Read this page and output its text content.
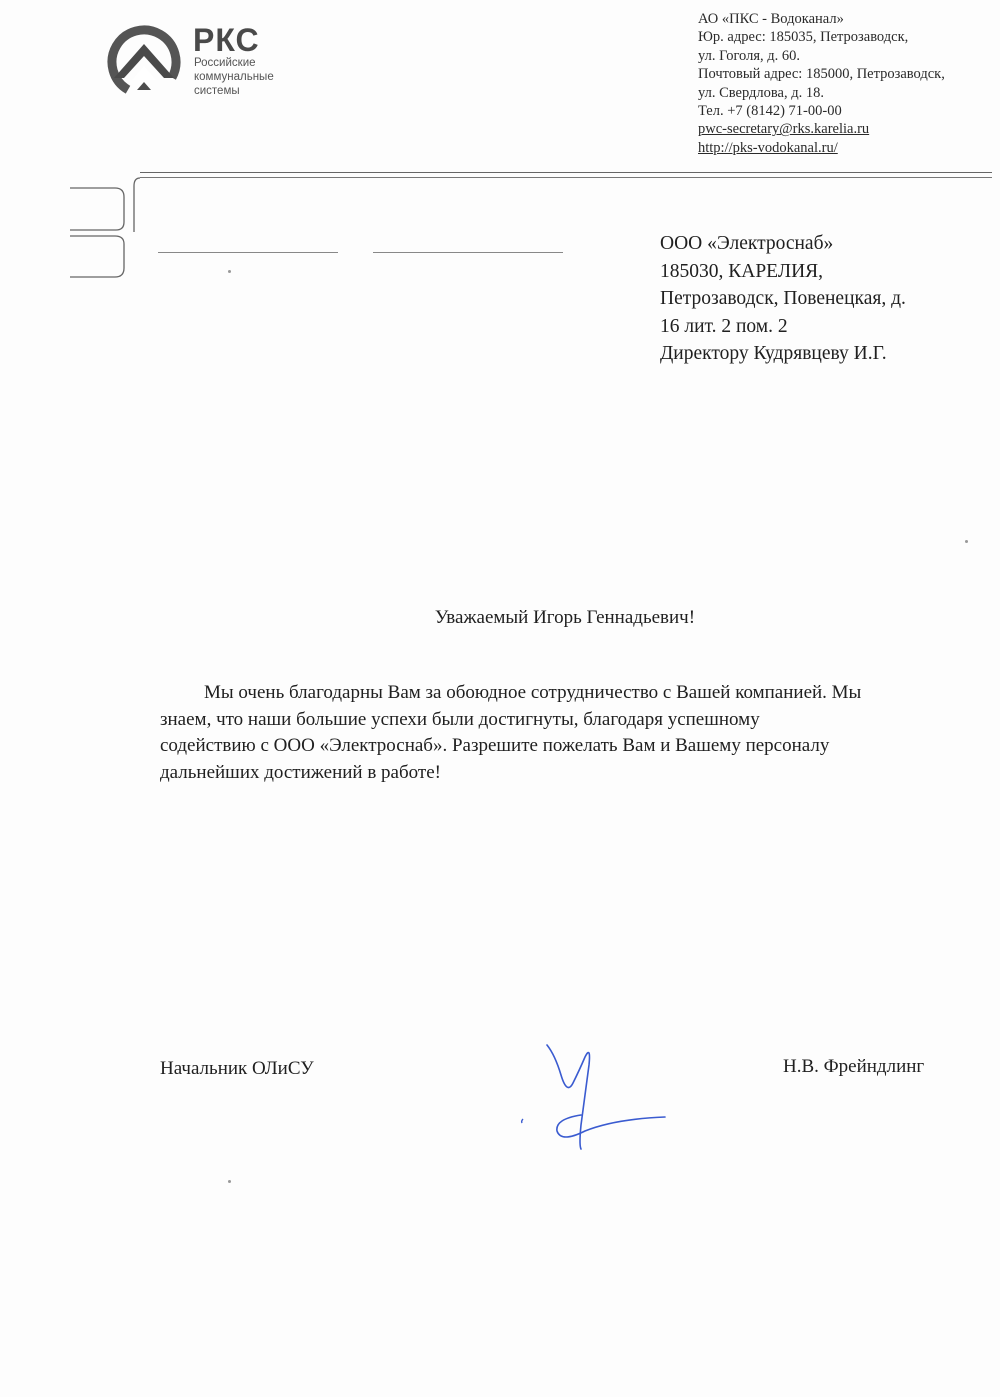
РКС
Российские
коммунальные
системы
АО «ПКС - Водоканал»
Юр. адрес: 185035, Петрозаводск,
ул. Гоголя, д. 60.
Почтовый адрес: 185000, Петрозаводск,
ул. Свердлова, д. 18.
Тел. +7 (8142) 71-00-00
pwc-secretary@rks.karelia.ru
http://pks-vodokanal.ru/
ООО «Электроснаб»
185030, КАРЕЛИЯ,
Петрозаводск, Повенецкая, д.
16 лит. 2 пом. 2
Директору Кудрявцеву И.Г.
Уважаемый Игорь Геннадьевич!
Мы очень благодарны Вам за обоюдное сотрудничество с Вашей компанией. Мы
знаем, что наши большие успехи были достигнуты, благодаря успешному
содействию с ООО «Электроснаб». Разрешите пожелать Вам и Вашему персоналу
дальнейших достижений в работе!
Начальник ОЛиСУ	Н.В. Фрейндлинг
